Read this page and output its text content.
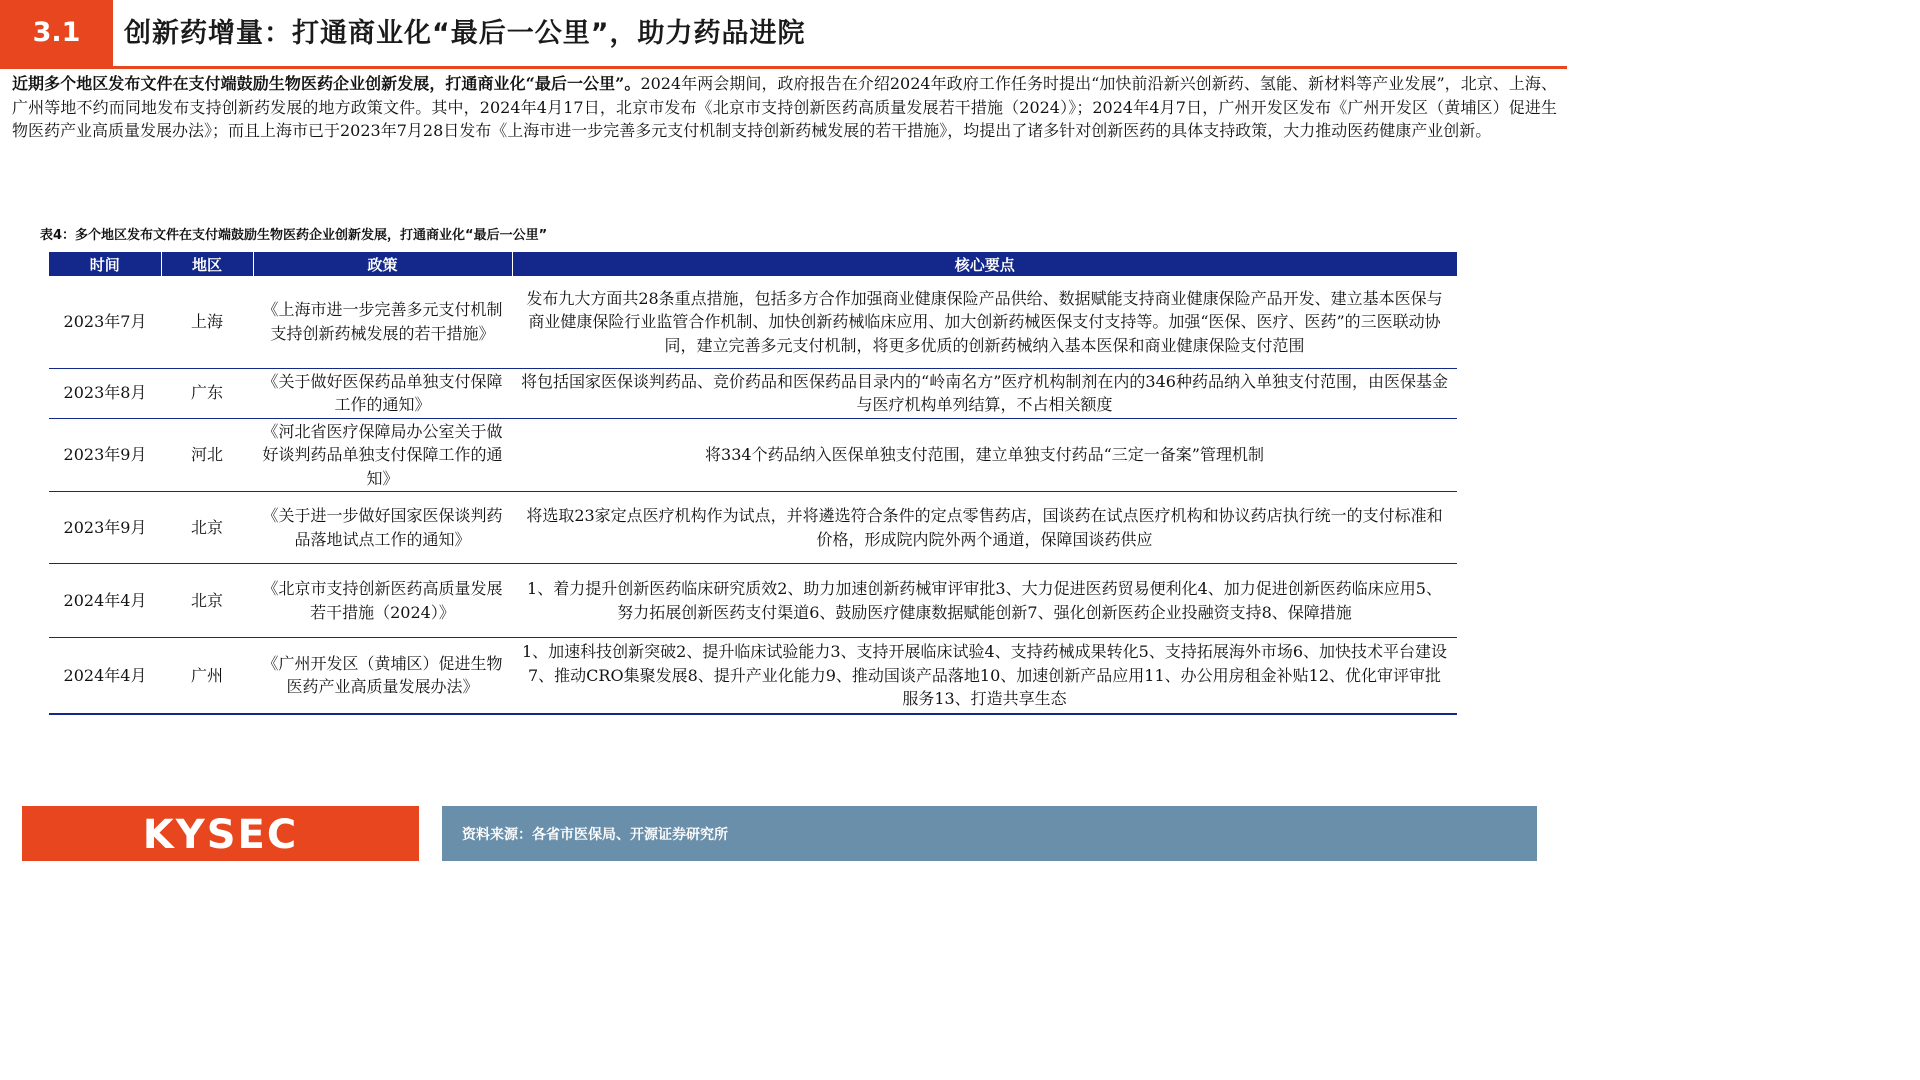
3.1	创新药增量：打通商业化“最后一公里”，助力药品进院

近期多个地区发布文件在支付端鼓励生物医药企业创新发展，打通商业化“最后一公里”。2024年两会期间，政府报告在介绍2024年政府工作任务时提出“加快前沿新兴创新药、氢能、新材料等产业发展”，北京、上海、广州等地不约而同地发布支持创新药发展的地方政策文件。其中，2024年4月17日，北京市发布《北京市支持创新医药高质量发展若干措施（2024）》；2024年4月7日，广州开发区发布《广州开发区（黄埔区）促进生物医药产业高质量发展办法》；而且上海市已于2023年7月28日发布《上海市进一步完善多元支付机制支持创新药械发展的若干措施》，均提出了诸多针对创新医药的具体支持政策，大力推动医药健康产业创新。

表4：多个地区发布文件在支付端鼓励生物医药企业创新发展，打通商业化“最后一公里”
时间	地区	政策	核心要点
2023年7月	上海	《上海市进一步完善多元支付机制支持创新药械发展的若干措施》	发布九大方面共28条重点措施，包括多方合作加强商业健康保险产品供给、数据赋能支持商业健康保险产品开发、建立基本医保与商业健康保险行业监管合作机制、加快创新药械临床应用、加大创新药械医保支付支持等。加强“医保、医疗、医药”的三医联动协同，建立完善多元支付机制，将更多优质的创新药械纳入基本医保和商业健康保险支付范围
2023年8月	广东	《关于做好医保药品单独支付保障工作的通知》	将包括国家医保谈判药品、竞价药品和医保药品目录内的“岭南名方”医疗机构制剂在内的346种药品纳入单独支付范围，由医保基金与医疗机构单列结算，不占相关额度
2023年9月	河北	《河北省医疗保障局办公室关于做好谈判药品单独支付保障工作的通知》	将334个药品纳入医保单独支付范围，建立单独支付药品“三定一备案”管理机制
2023年9月	北京	《关于进一步做好国家医保谈判药品落地试点工作的通知》	将选取23家定点医疗机构作为试点，并将遴选符合条件的定点零售药店，国谈药在试点医疗机构和协议药店执行统一的支付标准和价格，形成院内院外两个通道，保障国谈药供应
2024年4月	北京	《北京市支持创新医药高质量发展若干措施（2024）》	1、着力提升创新医药临床研究质效2、助力加速创新药械审评审批3、大力促进医药贸易便利化4、加力促进创新医药临床应用5、努力拓展创新医药支付渠道6、鼓励医疗健康数据赋能创新7、强化创新医药企业投融资支持8、保障措施
2024年4月	广州	《广州开发区（黄埔区）促进生物医药产业高质量发展办法》	1、加速科技创新突破2、提升临床试验能力3、支持开展临床试验4、支持药械成果转化5、支持拓展海外市场6、加快技术平台建设7、推动CRO集聚发展8、提升产业化能力9、推动国谈产品落地10、加速创新产品应用11、办公用房租金补贴12、优化审评审批服务13、打造共享生态
KYSEC	资料来源：各省市医保局、开源证券研究所
